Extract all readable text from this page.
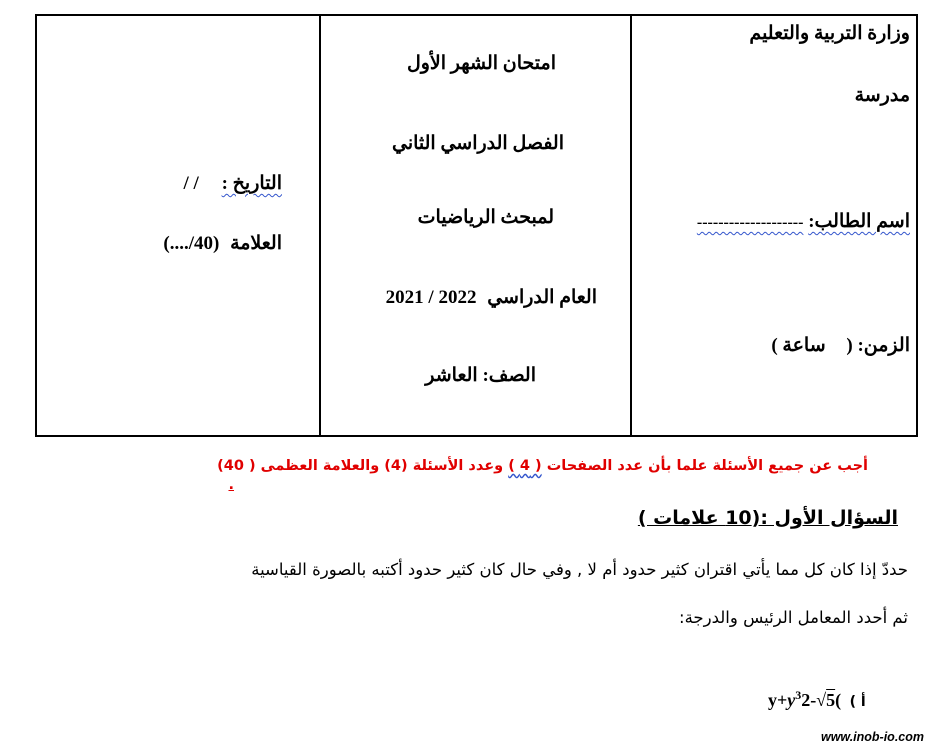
التاريخ : / /
العلامة (..../40)
امتحان الشهر الأول
الفصل الدراسي الثاني
لمبحث الرياضيات
العام الدراسي 2021 / 2022
الصف: العاشر
وزارة التربية والتعليم
مدرسة
اسم الطالب: --------------------
الزمن: ( ساعة )
أجب عن جميع الأسئلة علما بأن عدد الصفحات ( 4 ) وعدد الأسئلة (4) والعلامة العظمى ( 40)
.
السؤال الأول :(10 علامات )
حددّ إذا كان كل مما يأتي اقتران كثير حدود أم لا , وفي حال كان كثير حدود أكتبه بالصورة القياسية
ثم أحدد المعامل الرئيس والدرجة:
$y+y^32-√5$( أ )
www.inob-io.com
